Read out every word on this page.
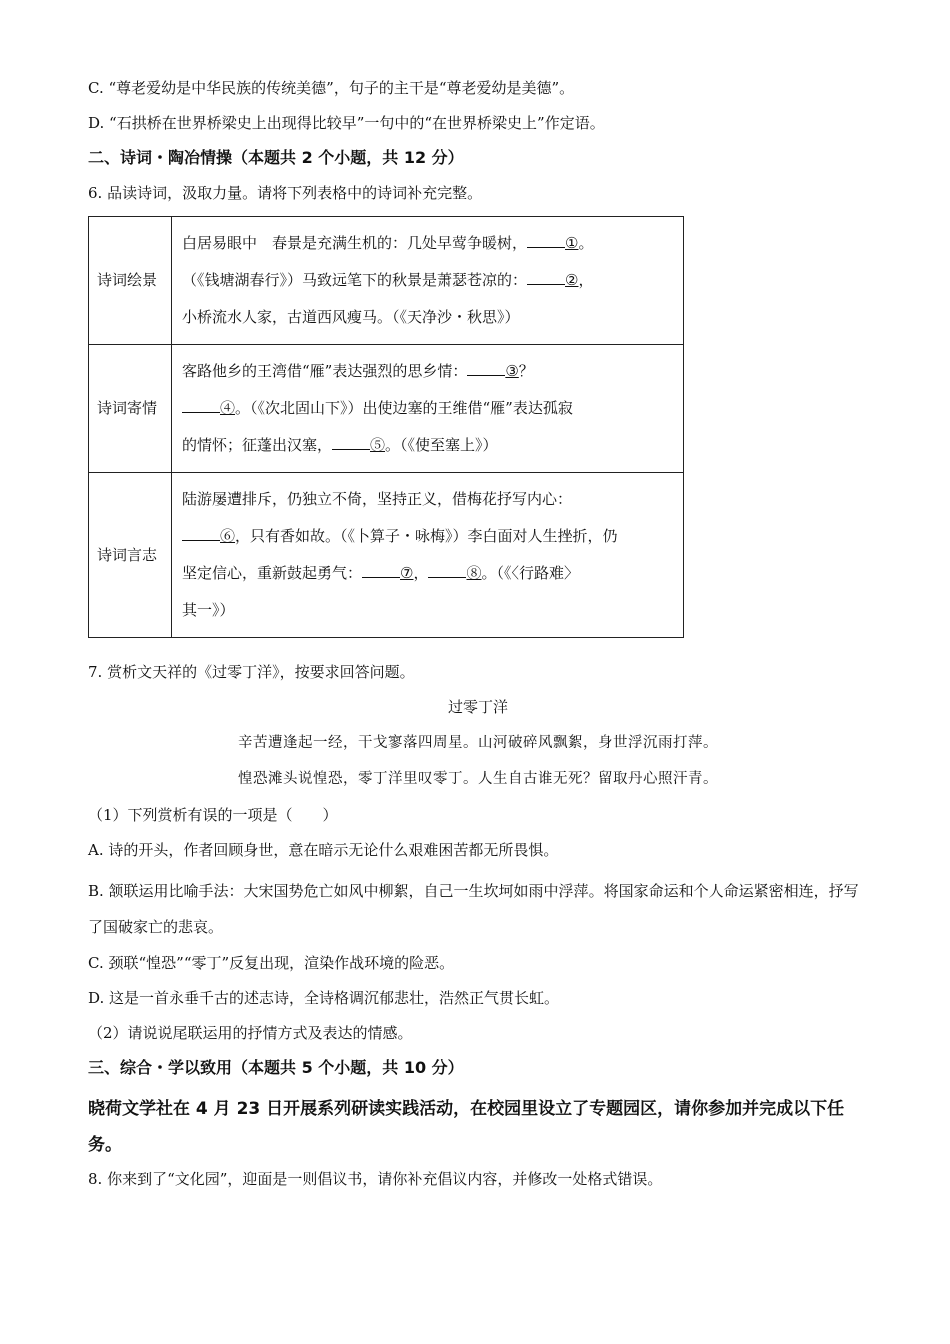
C. “尊老爱幼是中华民族的传统美德”，句子的主干是“尊老爱幼是美德”。

D. “石拱桥在世界桥梁史上出现得比较早”一句中的“在世界桥梁史上”作定语。

二、诗词・陶冶情操（本题共 2 个小题，共 12 分）

6. 品读诗词，汲取力量。请将下列表格中的诗词补充完整。

诗词绘景	白居易眼中　春景是充满生机的：几处早莺争暖树， ①。
（《钱塘湖春行》）马致远笔下的秋景是萧瑟苍凉的： ②，
小桥流水人家，古道西风瘦马。（《天净沙・秋思》）

诗词寄情	客路他乡的王湾借“雁”表达强烈的思乡情： ③？
④。（《次北固山下》）出使边塞的王维借“雁”表达孤寂
的情怀；征蓬出汉塞， ⑤。（《使至塞上》）

诗词言志	陆游屡遭排斥，仍独立不倚，坚持正义，借梅花抒写内心：
⑥，只有香如故。（《卜算子・咏梅》）李白面对人生挫折，仍
坚定信心，重新鼓起勇气： ⑦， ⑧。（《〈行路难〉
其一》）

7. 赏析文天祥的《过零丁洋》，按要求回答问题。

过零丁洋

辛苦遭逢起一经，干戈寥落四周星。山河破碎风飘絮，身世浮沉雨打萍。

惶恐滩头说惶恐，零丁洋里叹零丁。人生自古谁无死？留取丹心照汗青。

（1）下列赏析有误的一项是（　　）

A. 诗的开头，作者回顾身世，意在暗示无论什么艰难困苦都无所畏惧。

B. 颔联运用比喻手法：大宋国势危亡如风中柳絮，自己一生坎坷如雨中浮萍。将国家命运和个人命运紧密相连，抒写了国破家亡的悲哀。

C. 颈联“惶恐”“零丁”反复出现，渲染作战环境的险恶。

D. 这是一首永垂千古的述志诗，全诗格调沉郁悲壮，浩然正气贯长虹。

（2）请说说尾联运用的抒情方式及表达的情感。

三、综合・学以致用（本题共 5 个小题，共 10 分）

晓荷文学社在 4 月 23 日开展系列研读实践活动，在校园里设立了专题园区，请你参加并完成以下任务。

8. 你来到了“文化园”，迎面是一则倡议书，请你补充倡议内容，并修改一处格式错误。
